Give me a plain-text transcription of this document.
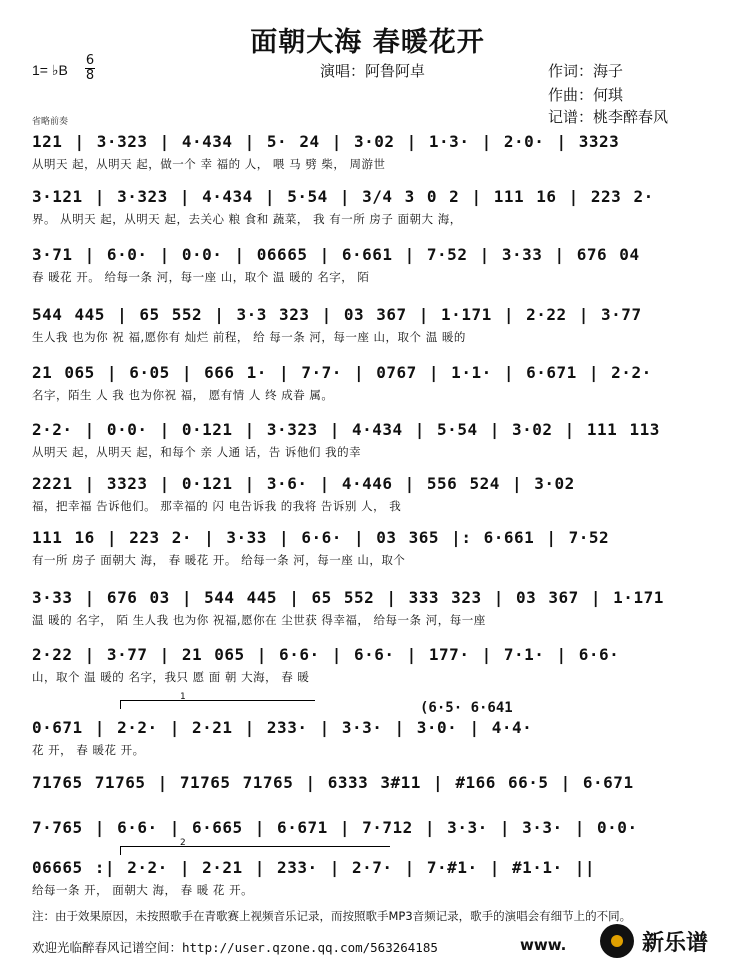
面朝大海 春暖花开
1= ♭B
6
8	演唱：阿鲁阿卓	作词：海子
作曲：何琪
记谱：桃李醉春风
省略前奏
121 | 3·323 | 4·434 | 5· 24 | 3·02 | 1·3· | 2·0· | 3323
从明天 起，从明天 起，做一个 幸 福的 人， 喂 马 劈 柴， 周游世
3·121 | 3·323 | 4·434 | 5·54 | 3/4 3 0 2 | 111 16 | 223 2·
界。 从明天 起，从明天 起，去关心 粮 食和 蔬菜， 我 有一所 房子 面朝大 海，
3·71 | 6·0· | 0·0· | 06665 | 6·661 | 7·52 | 3·33 | 676 04
春 暖花 开。 给每一条 河，每一座 山，取个 温 暖的 名字， 陌
544 445 | 65 552 | 3·3 323 | 03 367 | 1·171 | 2·22 | 3·77
生人我 也为你 祝 福,愿你有 灿烂 前程， 给 每一条 河，每一座 山，取个 温 暖的
21 065 | 6·05 | 666 1· | 7·7· | 0767 | 1·1· | 6·671 | 2·2·
名字，陌生 人 我 也为你祝 福， 愿有情 人 终 成眷 属。
2·2· | 0·0· | 0·121 | 3·323 | 4·434 | 5·54 | 3·02 | 111 113
从明天 起，从明天 起，和每个 亲 人通 话，告 诉他们 我的幸
2221 | 3323 | 0·121 | 3·6· | 4·446 | 556 524 | 3·02
福，把幸福 告诉他们。 那幸福的 闪 电告诉我 的我将 告诉别 人， 我
111 16 | 223 2· | 3·33 | 6·6· | 03 365 |: 6·661 | 7·52
有一所 房子 面朝大 海， 春 暖花 开。 给每一条 河，每一座 山，取个
3·33 | 676 03 | 544 445 | 65 552 | 333 323 | 03 367 | 1·171
温 暖的 名字， 陌 生人我 也为你 祝福,愿你在 尘世获 得幸福， 给每一条 河，每一座
2·22 | 3·77 | 21 065 | 6·6· | 6·6· | 177· | 7·1· | 6·6·
山，取个 温 暖的 名字，我只 愿 面 朝 大海， 春 暖
0·671 | 2·2· | 2·21 | 233· | 3·3· | 3·0· | 4·4·
花 开， 春 暖花 开。
71765 71765 | 71765 71765 | 6333 3#11 | #166 66·5 | 6·671
7·765 | 6·6· | 6·665 | 6·671 | 7·712 | 3·3· | 3·3· | 0·0·
06665 :| 2·2· | 2·21 | 233· | 2·7· | 7·#1· | #1·1· ||
给每一条 开， 面朝大 海， 春 暖 花 开。
1
(6·5· 6·641
2
注：由于效果原因，未按照歌手在青歌赛上视频音乐记录，而按照歌手MP3音频记录，歌手的演唱会有细节上的不同。
欢迎光临醉春风记谱空间：http://user.qzone.qq.com/563264185	www.	新乐谱
